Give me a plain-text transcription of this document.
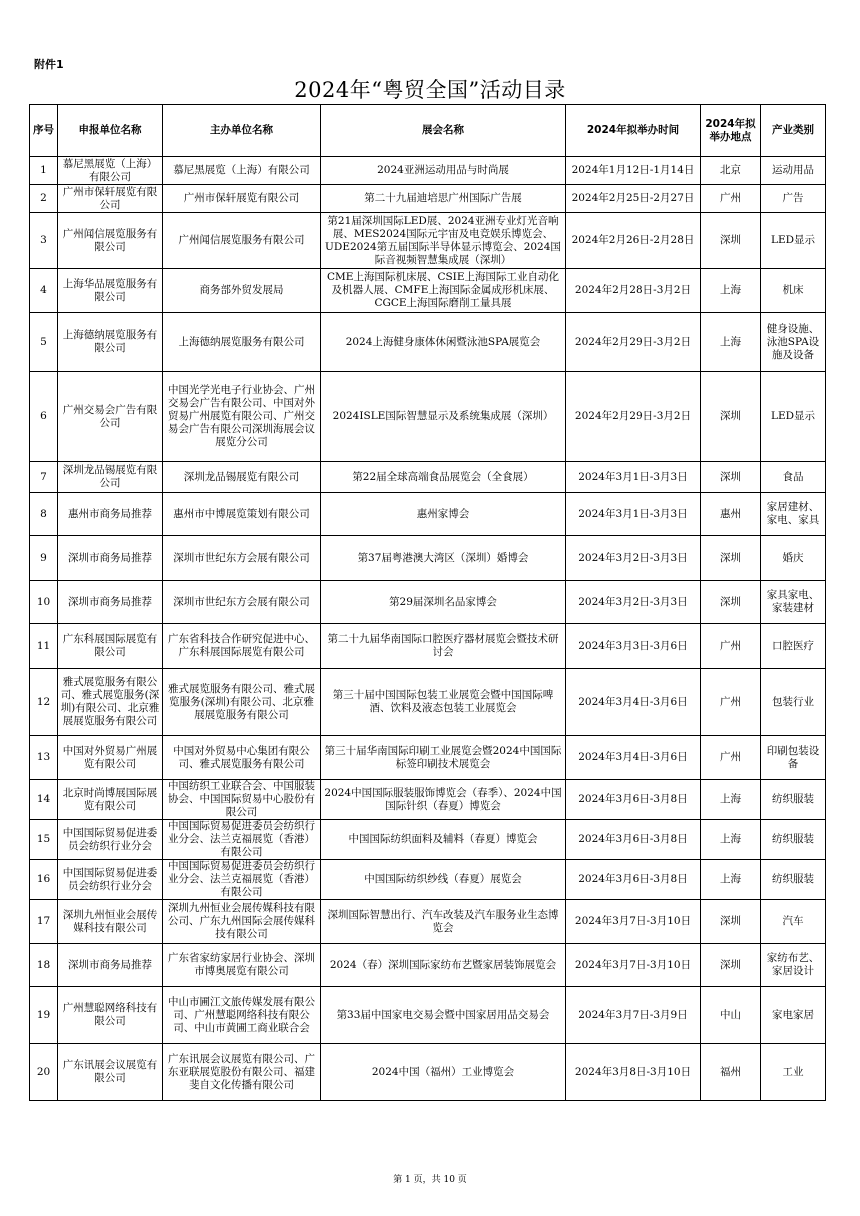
附件1
2024年“粤贸全国”活动目录
序号	申报单位名称	主办单位名称	展会名称	2024年拟举办时间	2024年拟举办地点	产业类别
1	慕尼黑展览（上海）有限公司	慕尼黑展览（上海）有限公司	2024亚洲运动用品与时尚展	2024年1月12日-1月14日	北京	运动用品
2	广州市保轩展览有限公司	广州市保轩展览有限公司	第二十九届迪培思广州国际广告展	2024年2月25日-2月27日	广州	广告
3	广州闻信展览服务有限公司	广州闻信展览服务有限公司	第21届深圳国际LED展、2024亚洲专业灯光音响展、MES2024国际元宇宙及电竞娱乐博览会、UDE2024第五届国际半导体显示博览会、2024国际音视频智慧集成展（深圳）	2024年2月26日-2月28日	深圳	LED显示
4	上海华品展览服务有限公司	商务部外贸发展局	CME上海国际机床展、CSIE上海国际工业自动化及机器人展、CMFE上海国际金属成形机床展、CGCE上海国际磨削工量具展	2024年2月28日-3月2日	上海	机床
5	上海德纳展览服务有限公司	上海德纳展览服务有限公司	2024上海健身康体休闲暨泳池SPA展览会	2024年2月29日-3月2日	上海	健身设施、泳池SPA设施及设备
6	广州交易会广告有限公司	中国光学光电子行业协会、广州交易会广告有限公司、中国对外贸易广州展览有限公司、广州交易会广告有限公司深圳海展会议展览分公司	2024ISLE国际智慧显示及系统集成展（深圳）	2024年2月29日-3月2日	深圳	LED显示
7	深圳龙品锡展览有限公司	深圳龙品锡展览有限公司	第22届全球高端食品展览会（全食展）	2024年3月1日-3月3日	深圳	食品
8	惠州市商务局推荐	惠州市中博展览策划有限公司	惠州家博会	2024年3月1日-3月3日	惠州	家居建材、家电、家具
9	深圳市商务局推荐	深圳市世纪东方会展有限公司	第37届粤港澳大湾区（深圳）婚博会	2024年3月2日-3月3日	深圳	婚庆
10	深圳市商务局推荐	深圳市世纪东方会展有限公司	第29届深圳名品家博会	2024年3月2日-3月3日	深圳	家具家电、家装建材
11	广东科展国际展览有限公司	广东省科技合作研究促进中心、广东科展国际展览有限公司	第二十九届华南国际口腔医疗器材展览会暨技术研讨会	2024年3月3日-3月6日	广州	口腔医疗
12	雅式展览服务有限公司、雅式展览服务(深圳)有限公司、北京雅展展览服务有限公司	雅式展览服务有限公司、雅式展览服务(深圳)有限公司、北京雅展展览服务有限公司	第三十届中国国际包装工业展览会暨中国国际啤酒、饮料及液态包装工业展览会	2024年3月4日-3月6日	广州	包装行业
13	中国对外贸易广州展览有限公司	中国对外贸易中心集团有限公司、雅式展览服务有限公司	第三十届华南国际印刷工业展览会暨2024中国国际标签印刷技术展览会	2024年3月4日-3月6日	广州	印刷包装设备
14	北京时尚博展国际展览有限公司	中国纺织工业联合会、中国服装协会、中国国际贸易中心股份有限公司	2024中国国际服装服饰博览会（春季）、2024中国国际针织（春夏）博览会	2024年3月6日-3月8日	上海	纺织服装
15	中国国际贸易促进委员会纺织行业分会	中国国际贸易促进委员会纺织行业分会、法兰克福展览（香港）有限公司	中国国际纺织面料及辅料（春夏）博览会	2024年3月6日-3月8日	上海	纺织服装
16	中国国际贸易促进委员会纺织行业分会	中国国际贸易促进委员会纺织行业分会、法兰克福展览（香港）有限公司	中国国际纺织纱线（春夏）展览会	2024年3月6日-3月8日	上海	纺织服装
17	深圳九州恒业会展传媒科技有限公司	深圳九州恒业会展传媒科技有限公司、广东九州国际会展传媒科技有限公司	深圳国际智慧出行、汽车改装及汽车服务业生态博览会	2024年3月7日-3月10日	深圳	汽车
18	深圳市商务局推荐	广东省家纺家居行业协会、深圳市博奥展览有限公司	2024（春）深圳国际家纺布艺暨家居装饰展览会	2024年3月7日-3月10日	深圳	家纺布艺、家居设计
19	广州慧聪网络科技有限公司	中山市圃江文旅传媒发展有限公司、广州慧聪网络科技有限公司、中山市黄圃工商业联合会	第33届中国家电交易会暨中国家居用品交易会	2024年3月7日-3月9日	中山	家电家居
20	广东讯展会议展览有限公司	广东讯展会议展览有限公司、广东亚联展览股份有限公司、福建斐自文化传播有限公司	2024中国（福州）工业博览会	2024年3月8日-3月10日	福州	工业
第 1 页，共 10 页
